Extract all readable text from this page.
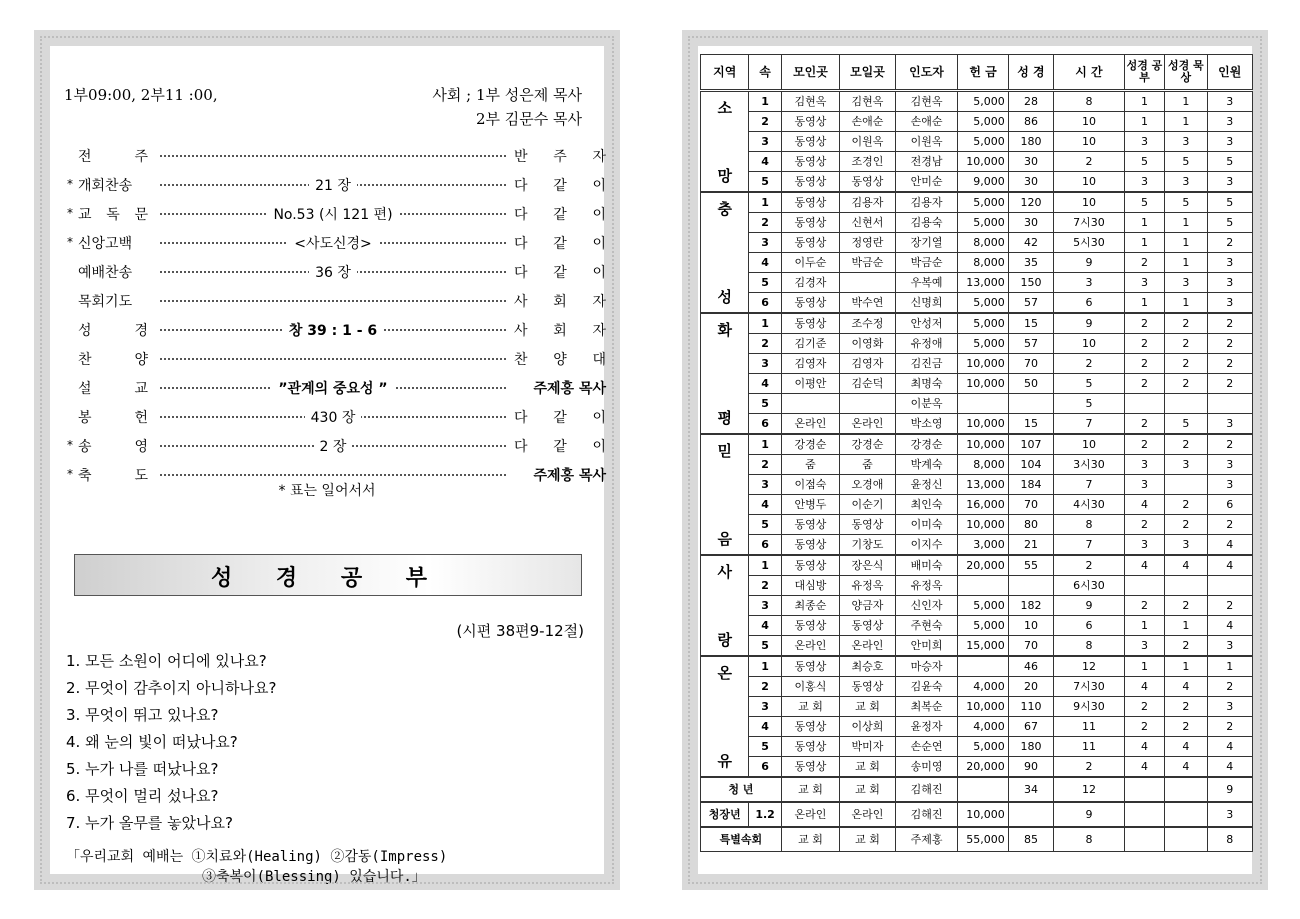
1부09:00, 2부11 :00,	사회 ; 1부 성은제 목사
2부 김문수 목사
전	주	반 주 자
* 개회찬송	21 장	다 같 이
* 교 독 문	No.53 (시 121 편)	다 같 이
* 신앙고백	<사도신경>	다 같 이
예배찬송	36 장	다 같 이
목회기도	사 회 자
성	경	창 39 : 1 - 6	사 회 자
찬	양	찬 양 대
설	교	”관계의 중요성 ”	주제홍 목사
봉	헌	430 장	다 같 이
* 송	영	2 장	다 같 이
* 축	도	주제홍 목사
* 표는 일어서서
성 경 공 부
(시편 38편9-12절)
1. 모든 소원이 어디에 있나요?
2. 무엇이 감추이지 아니하나요?
3. 무엇이 뛰고 있나요?
4. 왜 눈의 빛이 떠났나요?
5. 누가 나를 떠났나요?
6. 무엇이 멀리 섰나요?
7. 누가 올무를 놓았나요?
「우리교회 예배는 ①치료와(Healing) ②감동(Impress)
③축복이(Blessing) 있습니다.」
지역	속	모인곳	모일곳	인도자	헌 금	성 경	시 간	성경 공부	성경 묵상	인원

소
망	1	김현옥	김현옥	김현옥	5,000	28	8	1	1	3
	2	동영상	손애순	손애순	5,000	86	10	1	1	3
	3	동영상	이원옥	이원옥	5,000	180	10	3	3	3
	4	동영상	조경인	전경남	10,000	30	2	5	5	5
	5	동영상	동영상	안미순	9,000	30	10	3	3	3

충
성	1	동영상	김용자	김용자	5,000	120	10	5	5	5
	2	동영상	신현서	김용숙	5,000	30	7시30	1	1	5
	3	동영상	정영란	장기열	8,000	42	5시30	1	1	2
	4	이두순	박금순	박금순	8,000	35	9	2	1	3
	5	김경자		우복예	13,000	150	3	3	3	3
	6	동영상	박수연	신명희	5,000	57	6	1	1	3

화
평	1	동영상	조수정	안성저	5,000	15	9	2	2	2
	2	김기준	이영화	유정애	5,000	57	10	2	2	2
	3	김영자	김영자	김진금	10,000	70	2	2	2	2
	4	이평안	김순덕	최명숙	10,000	50	5	2	2	2
	5			이분옥			5			
	6	온라인	온라인	박소영	10,000	15	7	2	5	3

믿
음	1	강경순	강경순	강경순	10,000	107	10	2	2	2
	2	줌	줌	박계숙	8,000	104	3시30	3	3	3
	3	이점숙	오경애	윤정신	13,000	184	7	3		3
	4	안병두	이순기	최인숙	16,000	70	4시30	4	2	6
	5	동영상	동영상	이미숙	10,000	80	8	2	2	2
	6	동영상	기창도	이지수	3,000	21	7	3	3	4

사
랑	1	동영상	장은식	배미숙	20,000	55	2	4	4	4
	2	대심방	유정옥	유정옥			6시30			
	3	최종순	양금자	신인자	5,000	182	9	2	2	2
	4	동영상	동영상	주현숙	5,000	10	6	1	1	4
	5	온라인	온라인	안미희	15,000	70	8	3	2	3

온
유	1	동영상	최승호	마승자		46	12	1	1	1
	2	이홍식	동영상	김윤숙	4,000	20	7시30	4	4	2
	3	교 회	교 회	최복순	10,000	110	9시30	2	2	3
	4	동영상	이상희	윤정자	4,000	67	11	2	2	2
	5	동영상	박미자	손순연	5,000	180	11	4	4	4
	6	동영상	교 회	송미영	20,000	90	2	4	4	4
청 년		교 회	교 회	김해진		34	12			9
청장년	1.2	온라인	온라인	김해진	10,000		9			3
특별속회		교 회	교 회	주제홍	55,000	85	8			8
